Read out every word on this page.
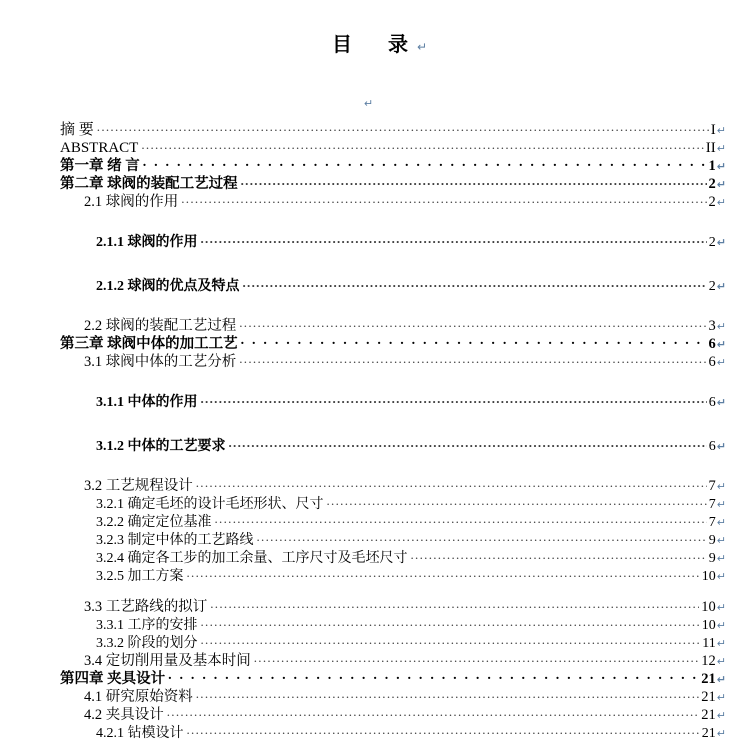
目　录↵

↵
摘 要 .....	I ↵
ABSTRACT .....	II ↵
第一章 绪 言 . . .	1 ↵
第二章 球阀的装配工艺过程 .....	2 ↵
2.1 球阀的作用 .....	2 ↵
2.1.1 球阀的作用 .....	2 ↵
2.1.2 球阀的优点及特点 .....	2 ↵
2.2 球阀的装配工艺过程 .....	3 ↵
第三章 球阀中体的加工工艺 . . .	6 ↵
3.1 球阀中体的工艺分析 .....	6 ↵
3.1.1 中体的作用 .....	6 ↵
3.1.2 中体的工艺要求 .....	6 ↵
3.2 工艺规程设计 .....	7 ↵
3.2.1 确定毛坯的设计毛坯形状、尺寸 .....	7 ↵
3.2.2 确定定位基准 .....	7 ↵
3.2.3 制定中体的工艺路线 .....	9 ↵
3.2.4 确定各工步的加工余量、工序尺寸及毛坯尺寸 .....	9 ↵
3.2.5 加工方案 .....	10 ↵
3.3 工艺路线的拟订 .....	10 ↵
3.3.1 工序的安排 .....	10 ↵
3.3.2 阶段的划分 .....	11 ↵
3.4 定切削用量及基本时间 .....	12 ↵
第四章 夹具设计 . . .	21 ↵
4.1 研究原始资料 .....	21 ↵
4.2 夹具设计 .....	21 ↵
4.2.1 钻模设计 .....	21 ↵
